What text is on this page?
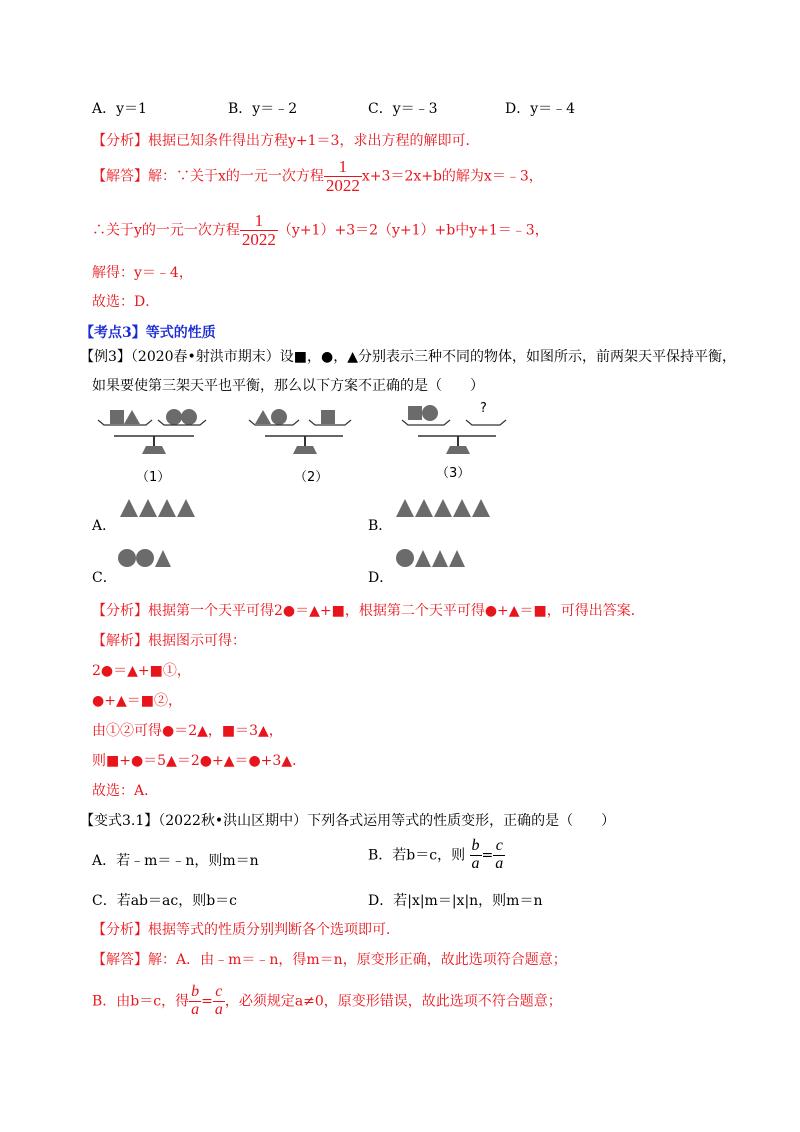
A．y＝1	B．y＝﹣2	C．y＝﹣3	D．y＝﹣4
【分析】根据已知条件得出方程y+1＝3，求出方程的解即可．
【解答】解：∵关于x的一元一次方程 $\frac{1}{2022} x+3=2x+b$的解为x＝﹣3，
∴关于y的一元一次方程 $\frac{1}{2022} (y+1)+3=2(y+1)+b$中y+1＝﹣3，
解得：y＝﹣4，
故选：D．
【考点3】等式的性质
【例3】（2020春•射洪市期末）设■，●，▲分别表示三种不同的物体，如图所示，前两架天平保持平衡，
如果要使第三架天平也平衡，那么以下方案不正确的是（　　）
（1）	（2）
?
（3）
A．	B．
C．	D．
【分析】根据第一个天平可得2●＝▲+■，根据第二个天平可得●+▲＝■，可得出答案．
【解析】根据图示可得：
2●＝▲+■①，
●+▲＝■②，
由①②可得●＝2▲，■＝3▲，
则■+●＝5▲＝2●+▲＝●+3▲．
故选：A．
【变式3.1】（2022秋•洪山区期中）下列各式运用等式的性质变形，正确的是（　　）
A．若﹣m＝﹣n，则m＝n	B．若b＝c，则 $\frac{b}{a} = \frac{c}{a}$
C．若ab＝ac，则b＝c	D．若|x|m＝|x|n，则m＝n
【分析】根据等式的性质分别判断各个选项即可．
【解答】解：A．由﹣m＝﹣n，得m＝n，原变形正确，故此选项符合题意；
B．由b＝c，得 $\frac{b}{a} = \frac{c}{a}$ ，必须规定a≠0，原变形错误，故此选项不符合题意；
